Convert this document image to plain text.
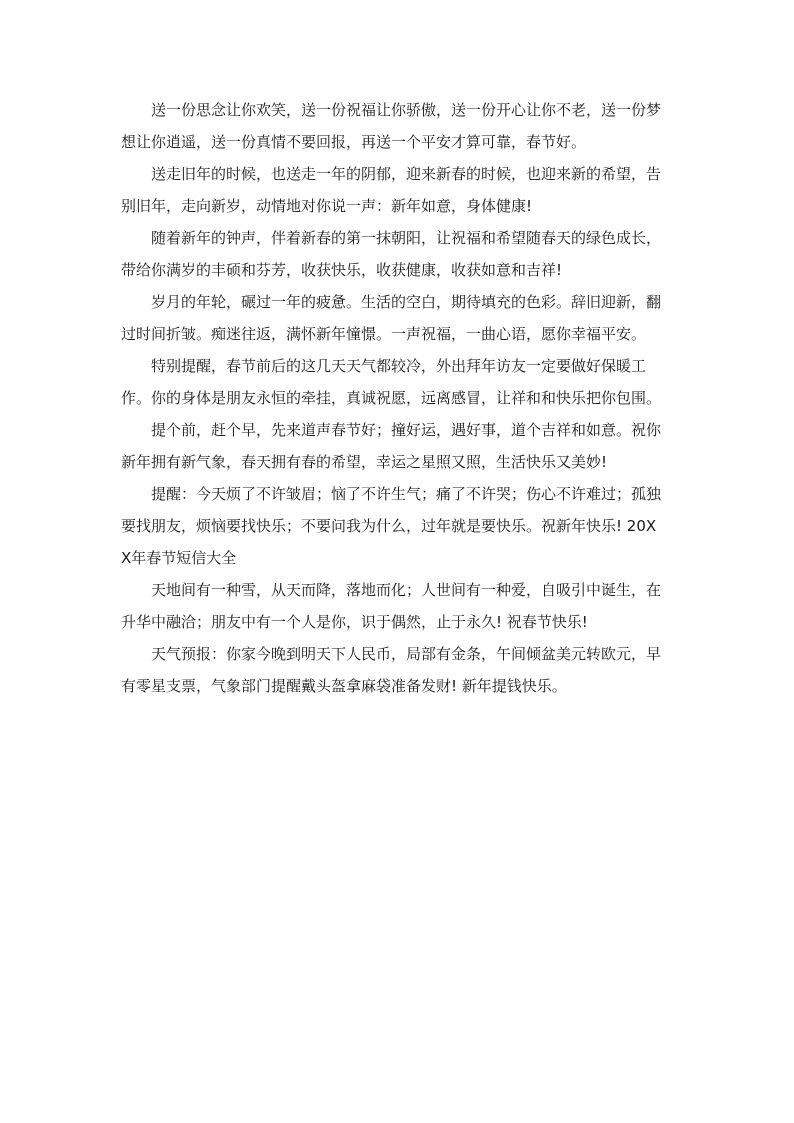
送一份思念让你欢笑，送一份祝福让你骄傲，送一份开心让你不老，送一份梦想让你逍遥，送一份真情不要回报，再送一个平安才算可靠，春节好。

送走旧年的时候，也送走一年的阴郁，迎来新春的时候，也迎来新的希望，告别旧年，走向新岁，动情地对你说一声：新年如意，身体健康!

随着新年的钟声，伴着新春的第一抹朝阳，让祝福和希望随春天的绿色成长，带给你满岁的丰硕和芬芳，收获快乐，收获健康，收获如意和吉祥!

岁月的年轮，碾过一年的疲惫。生活的空白，期待填充的色彩。辞旧迎新，翻过时间折皱。痴迷往返，满怀新年憧憬。一声祝福，一曲心语，愿你幸福平安。

特别提醒，春节前后的这几天天气都较冷，外出拜年访友一定要做好保暖工作。你的身体是朋友永恒的牵挂，真诚祝愿，远离感冒，让祥和和快乐把你包围。

提个前，赶个早，先来道声春节好；撞好运，遇好事，道个吉祥和如意。祝你新年拥有新气象，春天拥有春的希望，幸运之星照又照，生活快乐又美妙!

提醒：今天烦了不许皱眉；恼了不许生气；痛了不许哭；伤心不许难过；孤独要找朋友，烦恼要找快乐；不要问我为什么，过年就是要快乐。祝新年快乐! 20XX年春节短信大全

天地间有一种雪，从天而降，落地而化；人世间有一种爱，自吸引中诞生，在升华中融洽；朋友中有一个人是你，识于偶然，止于永久! 祝春节快乐!

天气预报：你家今晚到明天下人民币，局部有金条，午间倾盆美元转欧元，早有零星支票，气象部门提醒戴头盔拿麻袋准备发财! 新年提钱快乐。
